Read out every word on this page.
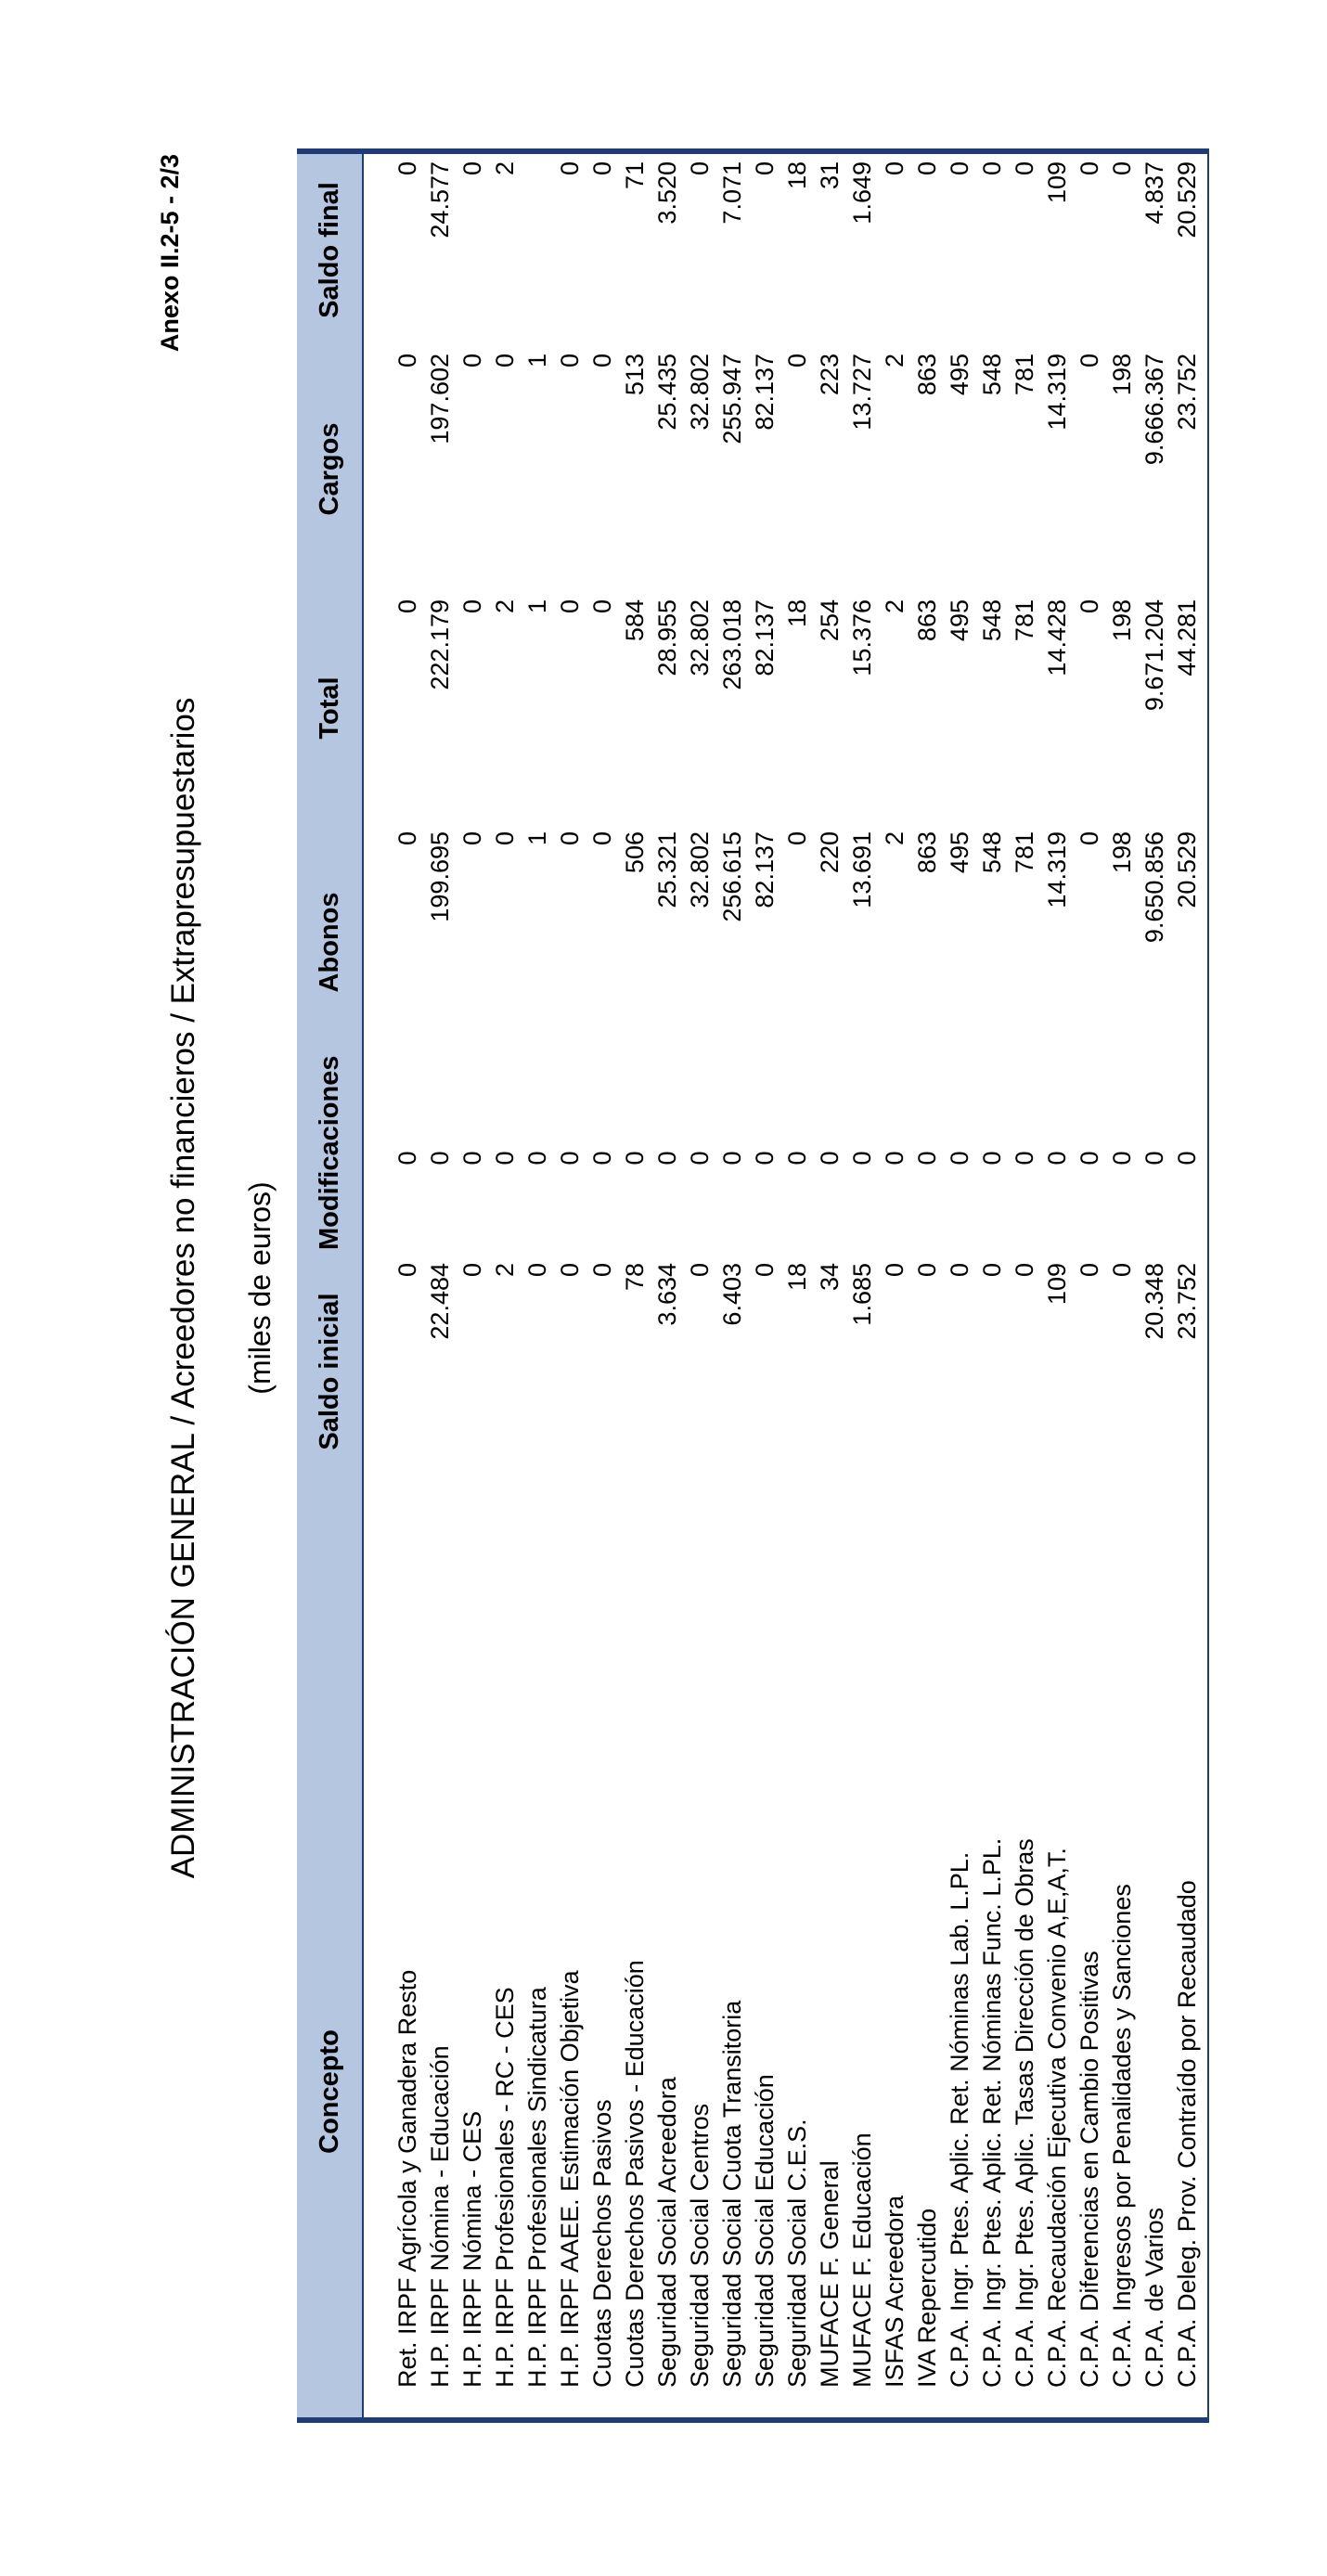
Anexo II.2-5 - 2/3
ADMINISTRACIÓN GENERAL / Acreedores no financieros / Extrapresupuestarios (miles de euros)
Concepto		Saldo inicial	Modificaciones	Abonos	Total	Cargos	Saldo final

Ret. IRPF Agrícola y Ganadera Resto		0	0	0	0	0	0
H.P. IRPF Nómina - Educación		22.484	0	199.695	222.179	197.602	24.577
H.P. IRPF Nómina - CES		0	0	0	0	0	0
H.P. IRPF Profesionales - RC - CES		2	0	0	2	0	2
H.P. IRPF Profesionales Sindicatura		0	0	1	1	1	
H.P. IRPF AAEE. Estimación Objetiva		0	0	0	0	0	0
Cuotas Derechos Pasivos		0	0	0	0	0	0
Cuotas Derechos Pasivos - Educación		78	0	506	584	513	71
Seguridad Social Acreedora		3.634	0	25.321	28.955	25.435	3.520
Seguridad Social Centros		0	0	32.802	32.802	32.802	0
Seguridad Social Cuota Transitoria		6.403	0	256.615	263.018	255.947	7.071
Seguridad Social Educación		0	0	82.137	82.137	82.137	0
Seguridad Social C.E.S.		18	0	0	18	0	18
MUFACE F. General		34	0	220	254	223	31
MUFACE F. Educación		1.685	0	13.691	15.376	13.727	1.649
ISFAS Acreedora		0	0	2	2	2	0
IVA Repercutido		0	0	863	863	863	0
C.P.A. Ingr. Ptes. Aplic. Ret. Nóminas Lab. L.PL.		0	0	495	495	495	0
C.P.A. Ingr. Ptes. Aplic. Ret. Nóminas Func. L.PL.		0	0	548	548	548	0
C.P.A. Ingr. Ptes. Aplic. Tasas Dirección de Obras		0	0	781	781	781	0
C.P.A. Recaudación Ejecutiva Convenio A,E,A,T.		109	0	14.319	14.428	14.319	109
C.P.A. Diferencias en Cambio Positivas		0	0	0	0	0	0
C.P.A. Ingresos por Penalidades y Sanciones		0	0	198	198	198	0
C.P.A. de Varios		20.348	0	9.650.856	9.671.204	9.666.367	4.837
C.P.A. Deleg. Prov. Contraído por Recaudado		23.752	0	20.529	44.281	23.752	20.529
